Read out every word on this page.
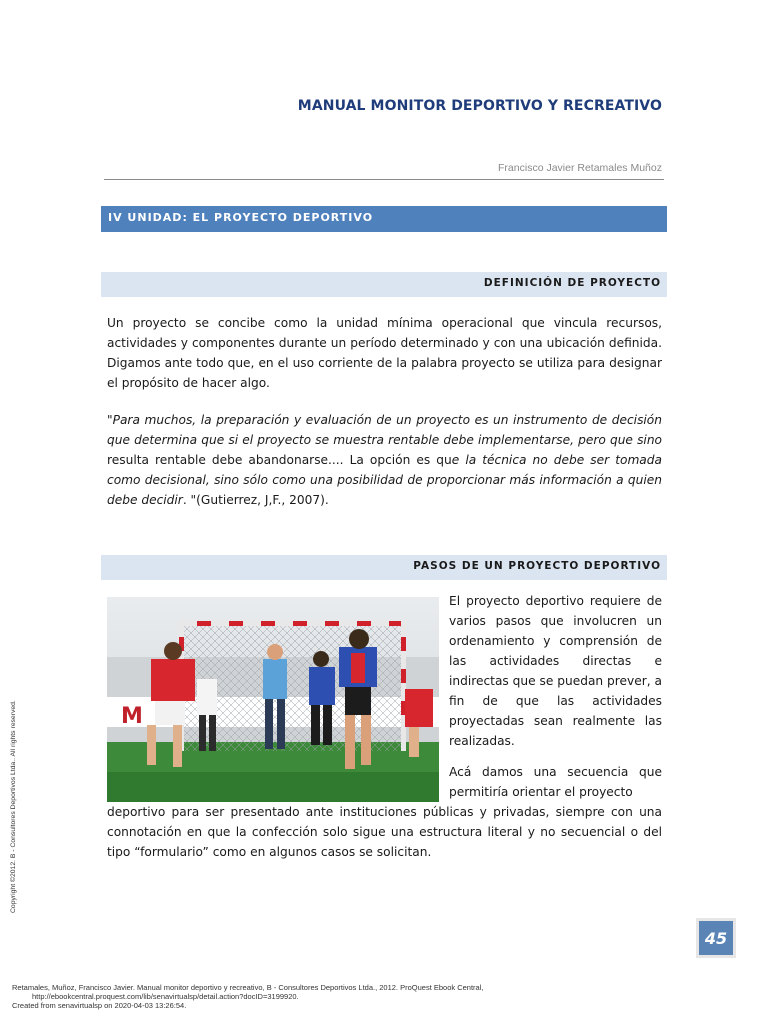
MANUAL MONITOR DEPORTIVO Y RECREATIVO
Francisco Javier Retamales Muñoz
IV UNIDAD: EL PROYECTO DEPORTIVO
DEFINICIÓN DE PROYECTO
Un proyecto se concibe como la unidad mínima operacional que vincula recursos, actividades y componentes durante un período determinado y con una ubicación definida. Digamos ante todo que, en el uso corriente de la palabra proyecto se utiliza para designar el propósito de hacer algo.
"Para muchos, la preparación y evaluación de un proyecto es un instrumento de decisión que determina que si el proyecto se muestra rentable debe implementarse, pero que sino resulta rentable debe abandonarse.... La opción es que la técnica no debe ser tomada como decisional, sino sólo como una posibilidad de proporcionar más información a quien debe decidir. "(Gutierrez, J,F., 2007).
PASOS DE UN PROYECTO DEPORTIVO
M
El proyecto deportivo requiere de varios pasos que involucren un ordenamiento y comprensión de las actividades directas e indirectas que se puedan prever, a fin de que las actividades proyectadas sean realmente las realizadas.
Acá damos una secuencia que permitiría orientar el proyecto
deportivo para ser presentado ante instituciones públicas y privadas, siempre con una connotación en que la confección solo sigue una estructura literal y no secuencial o del tipo “formulario” como en algunos casos se solicitan.
Copyright ©2012. B - Consultores Deportivos Ltda.. All rights reserved.
45
Retamales, Muñoz, Francisco Javier. Manual monitor deportivo y recreativo, B - Consultores Deportivos Ltda., 2012. ProQuest Ebook Central,
http://ebookcentral.proquest.com/lib/senavirtualsp/detail.action?docID=3199920.
Created from senavirtualsp on 2020-04-03 13:26:54.
